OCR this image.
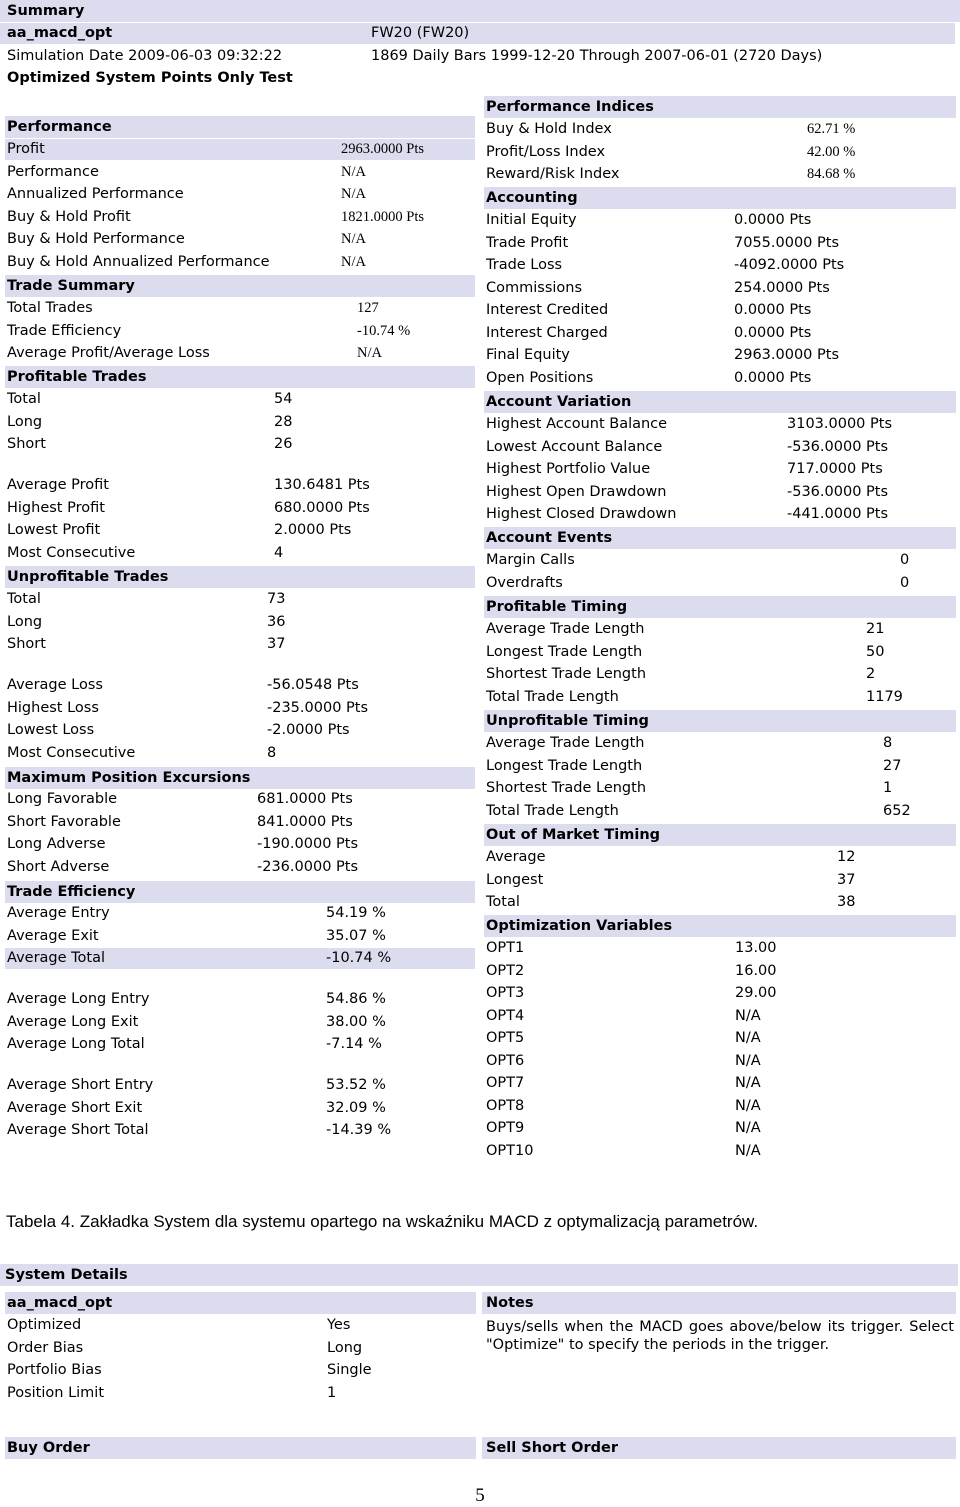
Summary
aa_macd_opt	FW20 (FW20)
Simulation Date 2009-06-03 09:32:22	1869 Daily Bars 1999-12-20 Through 2007-06-01 (2720 Days)
Optimized System Points Only Test
Performance
Profit	2963.0000 Pts
Performance	N/A
Annualized Performance	N/A
Buy & Hold Profit	1821.0000 Pts
Buy & Hold Performance	N/A
Buy & Hold Annualized Performance	N/A
Trade Summary
Total Trades	127
Trade Efficiency	-10.74 %
Average Profit/Average Loss	N/A
Profitable Trades
Total	54
Long	28
Short	26
Average Profit	130.6481 Pts
Highest Profit	680.0000 Pts
Lowest Profit	2.0000 Pts
Most Consecutive	4
Unprofitable Trades
Total	73
Long	36
Short	37
Average Loss	-56.0548 Pts
Highest Loss	-235.0000 Pts
Lowest Loss	-2.0000 Pts
Most Consecutive	8
Maximum Position Excursions
Long Favorable	681.0000 Pts
Short Favorable	841.0000 Pts
Long Adverse	-190.0000 Pts
Short Adverse	-236.0000 Pts
Trade Efficiency
Average Entry	54.19 %
Average Exit	35.07 %
Average Total	-10.74 %
Average Long Entry	54.86 %
Average Long Exit	38.00 %
Average Long Total	-7.14 %
Average Short Entry	53.52 %
Average Short Exit	32.09 %
Average Short Total	-14.39 %
Performance Indices
Buy & Hold Index	62.71 %
Profit/Loss Index	42.00 %
Reward/Risk Index	84.68 %
Accounting
Initial Equity	0.0000 Pts
Trade Profit	7055.0000 Pts
Trade Loss	-4092.0000 Pts
Commissions	254.0000 Pts
Interest Credited	0.0000 Pts
Interest Charged	0.0000 Pts
Final Equity	2963.0000 Pts
Open Positions	0.0000 Pts
Account Variation
Highest Account Balance	3103.0000 Pts
Lowest Account Balance	-536.0000 Pts
Highest Portfolio Value	717.0000 Pts
Highest Open Drawdown	-536.0000 Pts
Highest Closed Drawdown	-441.0000 Pts
Account Events
Margin Calls	0
Overdrafts	0
Profitable Timing
Average Trade Length	21
Longest Trade Length	50
Shortest Trade Length	2
Total Trade Length	1179
Unprofitable Timing
Average Trade Length	8
Longest Trade Length	27
Shortest Trade Length	1
Total Trade Length	652
Out of Market Timing
Average	12
Longest	37
Total	38
Optimization Variables
OPT1	13.00
OPT2	16.00
OPT3	29.00
OPT4	N/A
OPT5	N/A
OPT6	N/A
OPT7	N/A
OPT8	N/A
OPT9	N/A
OPT10	N/A
Tabela 4. Zakładka System dla systemu opartego na wskaźniku MACD z optymalizacją parametrów.
System Details
aa_macd_opt	Notes
Optimized	Yes
Order Bias	Long
Portfolio Bias	Single
Position Limit	1
Buys/sells when the MACD goes above/below its trigger. Select "Optimize" to specify the periods in the trigger.
Buy Order	Sell Short Order
5
